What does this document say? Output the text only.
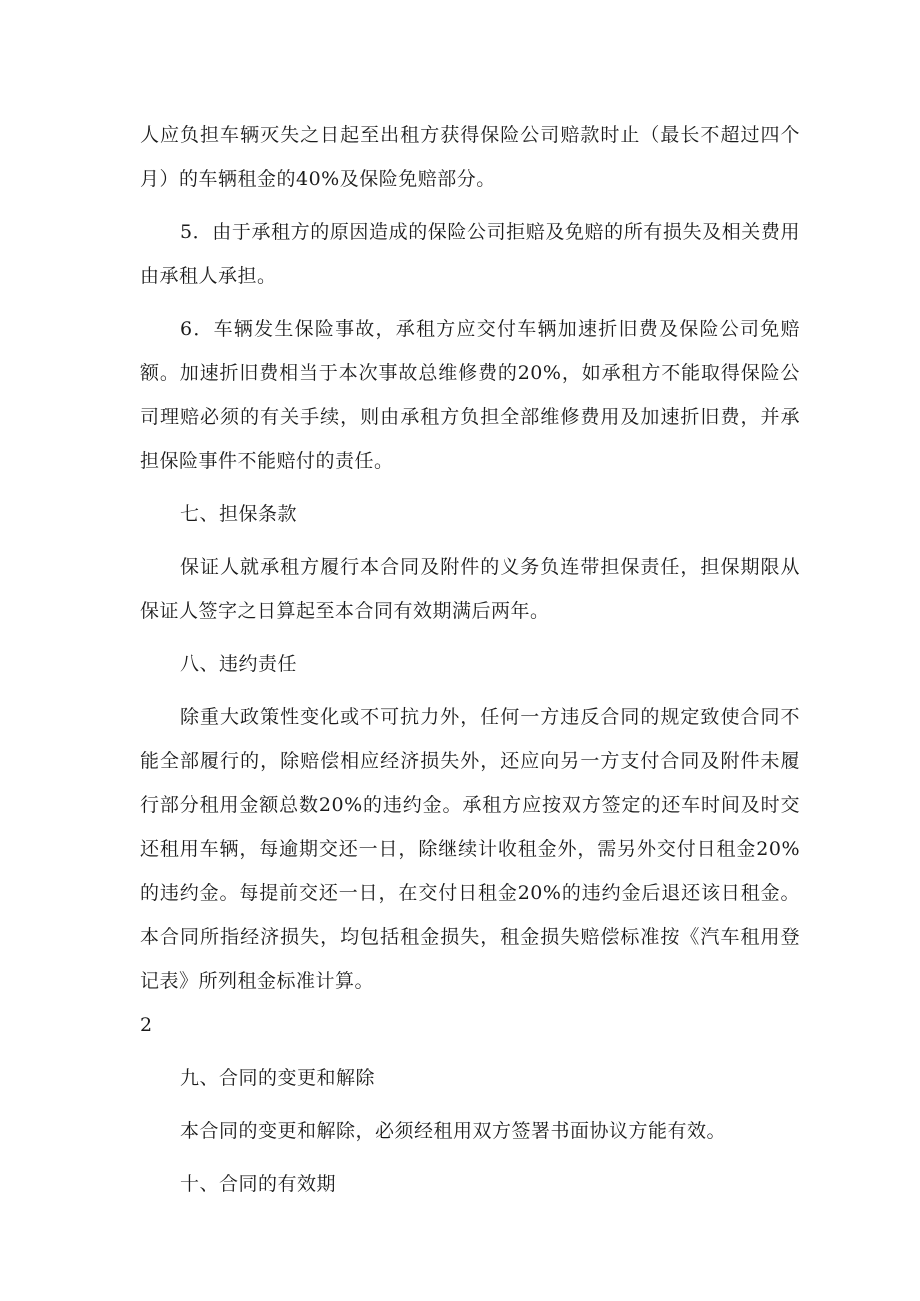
人应负担车辆灭失之日起至出租方获得保险公司赔款时止（最长不超过四个月）的车辆租金的40%及保险免赔部分。

5．由于承租方的原因造成的保险公司拒赔及免赔的所有损失及相关费用由承租人承担。

6．车辆发生保险事故，承租方应交付车辆加速折旧费及保险公司免赔额。加速折旧费相当于本次事故总维修费的20%，如承租方不能取得保险公司理赔必须的有关手续，则由承租方负担全部维修费用及加速折旧费，并承担保险事件不能赔付的责任。

七、担保条款

保证人就承租方履行本合同及附件的义务负连带担保责任，担保期限从保证人签字之日算起至本合同有效期满后两年。

八、违约责任

除重大政策性变化或不可抗力外，任何一方违反合同的规定致使合同不能全部履行的，除赔偿相应经济损失外，还应向另一方支付合同及附件未履行部分租用金额总数20%的违约金。承租方应按双方签定的还车时间及时交还租用车辆，每逾期交还一日，除继续计收租金外，需另外交付日租金20%的违约金。每提前交还一日，在交付日租金20%的违约金后退还该日租金。本合同所指经济损失，均包括租金损失，租金损失赔偿标准按《汽车租用登记表》所列租金标准计算。

2

九、合同的变更和解除

本合同的变更和解除，必须经租用双方签署书面协议方能有效。

十、合同的有效期
